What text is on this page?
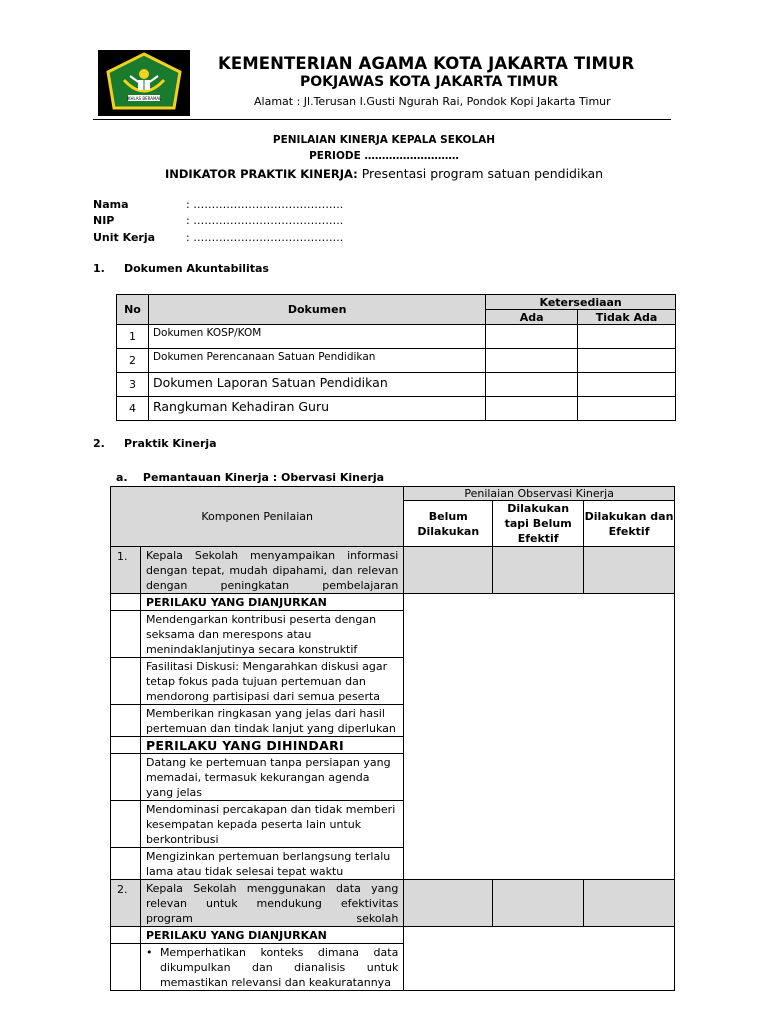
IKHLAS BERAMAL
KEMENTERIAN AGAMA KOTA JAKARTA TIMUR
POKJAWAS KOTA JAKARTA TIMUR
Alamat : Jl.Terusan I.Gusti Ngurah Rai, Pondok Kopi Jakarta Timur
PENILAIAN KINERJA KEPALA SEKOLAH
PERIODE ………………………
INDIKATOR PRAKTIK KINERJA: Presentasi program satuan pendidikan
Nama	: …………………………………..
NIP	: …………………………………..
Unit Kerja	: …………………………………..
1.     Dokumen Akuntabilitas
No	Dokumen	Ketersediaan	
		Ada	Tidak Ada
1	Dokumen KOSP/KOM		
2	Dokumen Perencanaan Satuan Pendidikan		
3	Dokumen Laporan Satuan Pendidikan		
4	Rangkuman Kehadiran Guru		
2.     Praktik Kinerja
a.    Pemantauan Kinerja : Obervasi Kinerja
Komponen Penilaian		Penilaian Observasi Kinerja		
		Belum Dilakukan	Dilakukan tapi Belum Efektif	Dilakukan dan Efektif
1.	Kepala Sekolah menyampaikan informasi dengan tepat, mudah dipahami, dan relevan dengan peningkatan pembelajaran			
	PERILAKU YANG DIANJURKAN			
	Mendengarkan kontribusi peserta dengan seksama dan merespons atau menindaklanjutinya secara konstruktif			
	Fasilitasi Diskusi: Mengarahkan diskusi agar tetap fokus pada tujuan pertemuan dan mendorong partisipasi dari semua peserta			
	Memberikan ringkasan yang jelas dari hasil pertemuan dan tindak lanjut yang diperlukan			
	PERILAKU YANG DIHINDARI			
	Datang ke pertemuan tanpa persiapan yang memadai, termasuk kekurangan agenda yang jelas			
	Mendominasi percakapan dan tidak memberi kesempatan kepada peserta lain untuk berkontribusi			
	Mengizinkan pertemuan berlangsung terlalu lama atau tidak selesai tepat waktu			
2.	Kepala Sekolah menggunakan data yang relevan untuk mendukung efektivitas program sekolah			
	PERILAKU YANG DIANJURKAN			

	• Memperhatikan konteks dimana data dikumpulkan dan dianalisis untuk memastikan relevansi dan keakuratannya			
